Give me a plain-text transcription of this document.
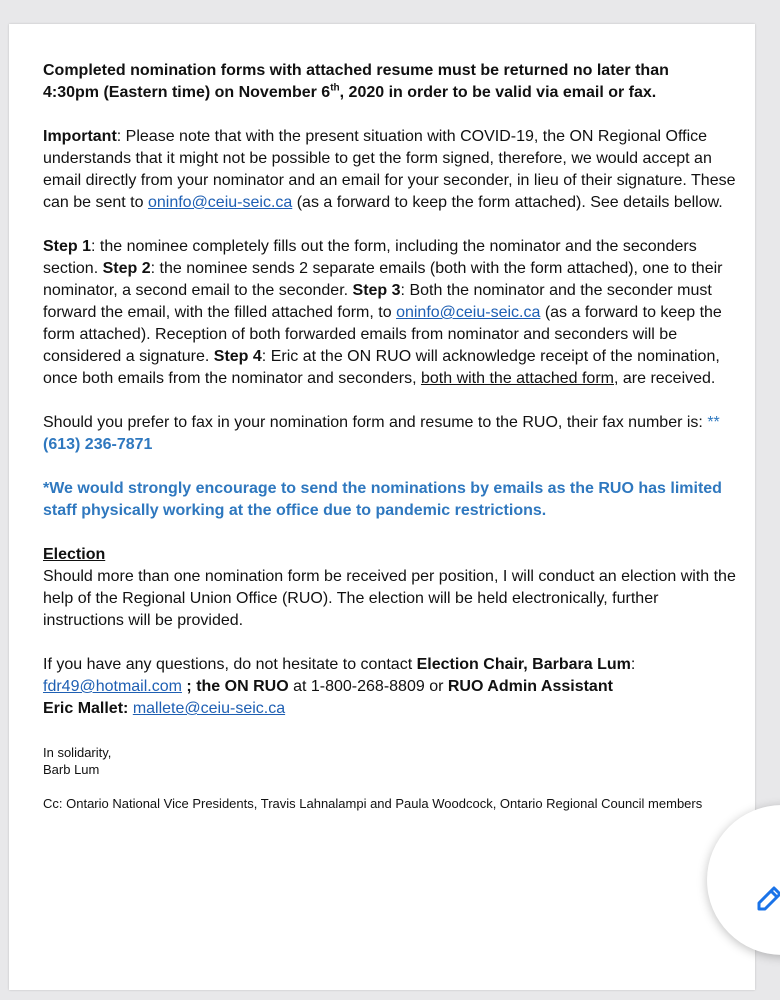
Completed nomination forms with attached resume must be returned no later than
4:30pm (Eastern time) on November 6th, 2020 in order to be valid via email or fax.

Important: Please note that with the present situation with COVID-19, the ON Regional Office understands that it might not be possible to get the form signed, therefore, we would accept an email directly from your nominator and an email for your seconder, in lieu of their signature. These can be sent to oninfo@ceiu-seic.ca (as a forward to keep the form attached). See details bellow.

Step 1: the nominee completely fills out the form, including the nominator and the seconders section. Step 2: the nominee sends 2 separate emails (both with the form attached), one to their nominator, a second email to the seconder. Step 3: Both the nominator and the seconder must forward the email, with the filled attached form, to oninfo@ceiu-seic.ca (as a forward to keep the form attached). Reception of both forwarded emails from nominator and seconders will be considered a signature. Step 4: Eric at the ON RUO will acknowledge receipt of the nomination, once both emails from the nominator and seconders, both with the attached form, are received.

Should you prefer to fax in your nomination form and resume to the RUO, their fax number is: **(613) 236-7871

*We would strongly encourage to send the nominations by emails as the RUO has limited staff physically working at the office due to pandemic restrictions.

Election
Should more than one nomination form be received per position, I will conduct an election with the help of the Regional Union Office (RUO). The election will be held electronically, further instructions will be provided.

If you have any questions, do not hesitate to contact Election Chair, Barbara Lum:
fdr49@hotmail.com ; the ON RUO at 1-800-268-8809 or RUO Admin Assistant
Eric Mallet: mallete@ceiu-seic.ca

In solidarity,
Barb Lum

Cc: Ontario National Vice Presidents, Travis Lahnalampi and Paula Woodcock, Ontario Regional Council members
